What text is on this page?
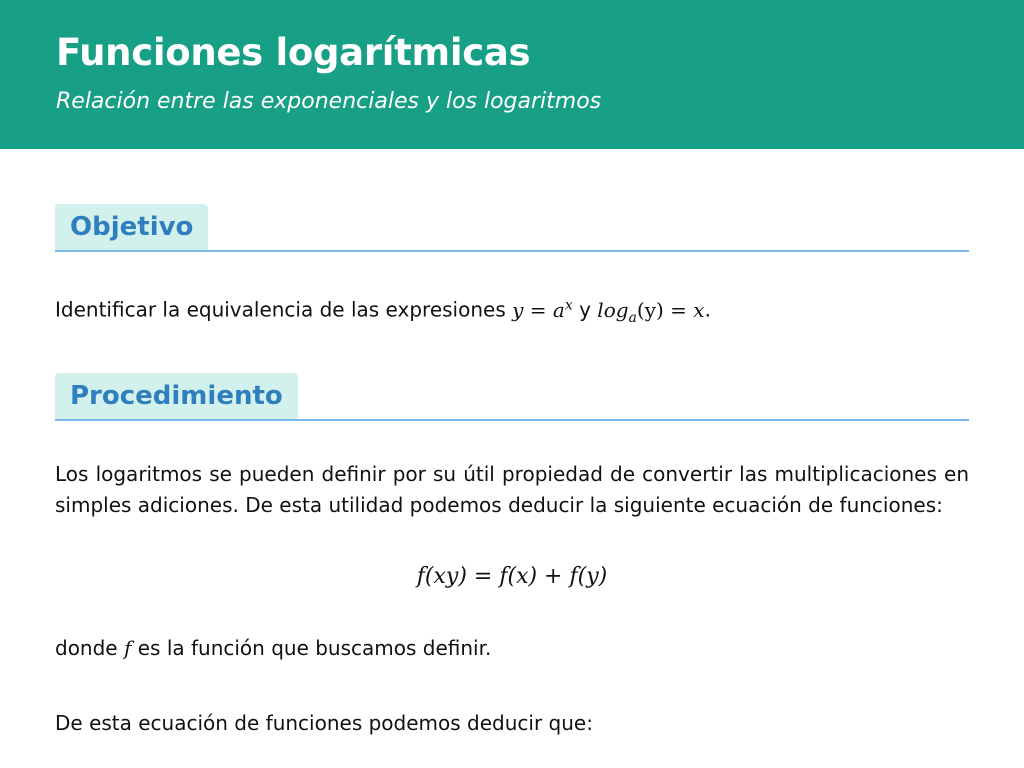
Funciones logarítmicas

Relación entre las exponenciales y los logaritmos

Objetivo

Identificar la equivalencia de las expresiones $y = a^x$ y $\log_a(y) = x$.

Procedimiento

Los logaritmos se pueden definir por su útil propiedad de convertir las multiplicaciones en simples adiciones. De esta utilidad podemos deducir la siguiente ecuación de funciones:

f(xy) = f(x) + f(y)

donde f es la función que buscamos definir.

De esta ecuación de funciones podemos deducir que:
